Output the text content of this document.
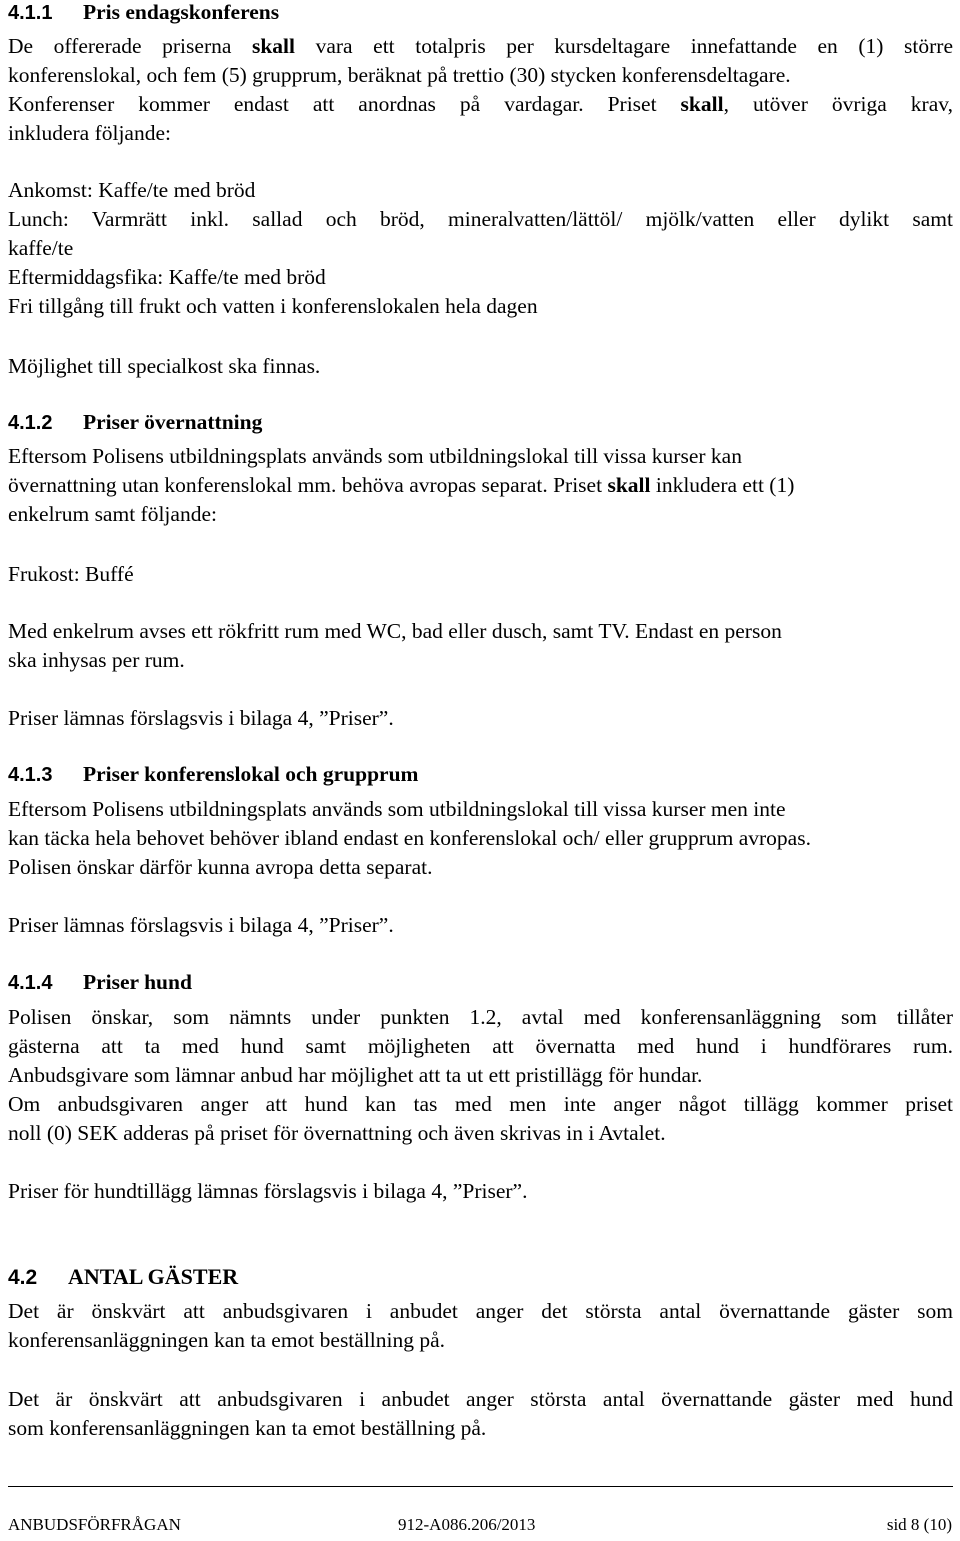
4.1.1 Pris endagskonferens
De offererade priserna skall vara ett totalpris per kursdeltagare innefattande en (1) större
konferenslokal, och fem (5) grupprum, beräknat på trettio (30) stycken konferensdeltagare.
Konferenser kommer endast att anordnas på vardagar. Priset skall, utöver övriga krav,
inkludera följande:
Ankomst: Kaffe/te med bröd
Lunch: Varmrätt inkl. sallad och bröd, mineralvatten/lättöl/ mjölk/vatten eller dylikt samt
kaffe/te
Eftermiddagsfika: Kaffe/te med bröd
Fri tillgång till frukt och vatten i konferenslokalen hela dagen
Möjlighet till specialkost ska finnas.
4.1.2 Priser övernattning
Eftersom Polisens utbildningsplats används som utbildningslokal till vissa kurser kan
övernattning utan konferenslokal mm. behöva avropas separat. Priset skall inkludera ett (1)
enkelrum samt följande:
Frukost: Buffé
Med enkelrum avses ett rökfritt rum med WC, bad eller dusch, samt TV. Endast en person
ska inhysas per rum.
Priser lämnas förslagsvis i bilaga 4, ”Priser”.
4.1.3 Priser konferenslokal och grupprum
Eftersom Polisens utbildningsplats används som utbildningslokal till vissa kurser men inte
kan täcka hela behovet behöver ibland endast en konferenslokal och/ eller grupprum avropas.
Polisen önskar därför kunna avropa detta separat.
Priser lämnas förslagsvis i bilaga 4, ”Priser”.
4.1.4 Priser hund
Polisen önskar, som nämnts under punkten 1.2, avtal med konferensanläggning som tillåter
gästerna att ta med hund samt möjligheten att övernatta med hund i hundförares rum.
Anbudsgivare som lämnar anbud har möjlighet att ta ut ett pristillägg för hundar.
Om anbudsgivaren anger att hund kan tas med men inte anger något tillägg kommer priset
noll (0) SEK adderas på priset för övernattning och även skrivas in i Avtalet.
Priser för hundtillägg lämnas förslagsvis i bilaga 4, ”Priser”.
4.2 ANTAL GÄSTER
Det är önskvärt att anbudsgivaren i anbudet anger det största antal övernattande gäster som
konferensanläggningen kan ta emot beställning på.
Det är önskvärt att anbudsgivaren i anbudet anger största antal övernattande gäster med hund
som konferensanläggningen kan ta emot beställning på.
ANBUDSFÖRFRÅGAN	912-A086.206/2013	sid 8 (10)
